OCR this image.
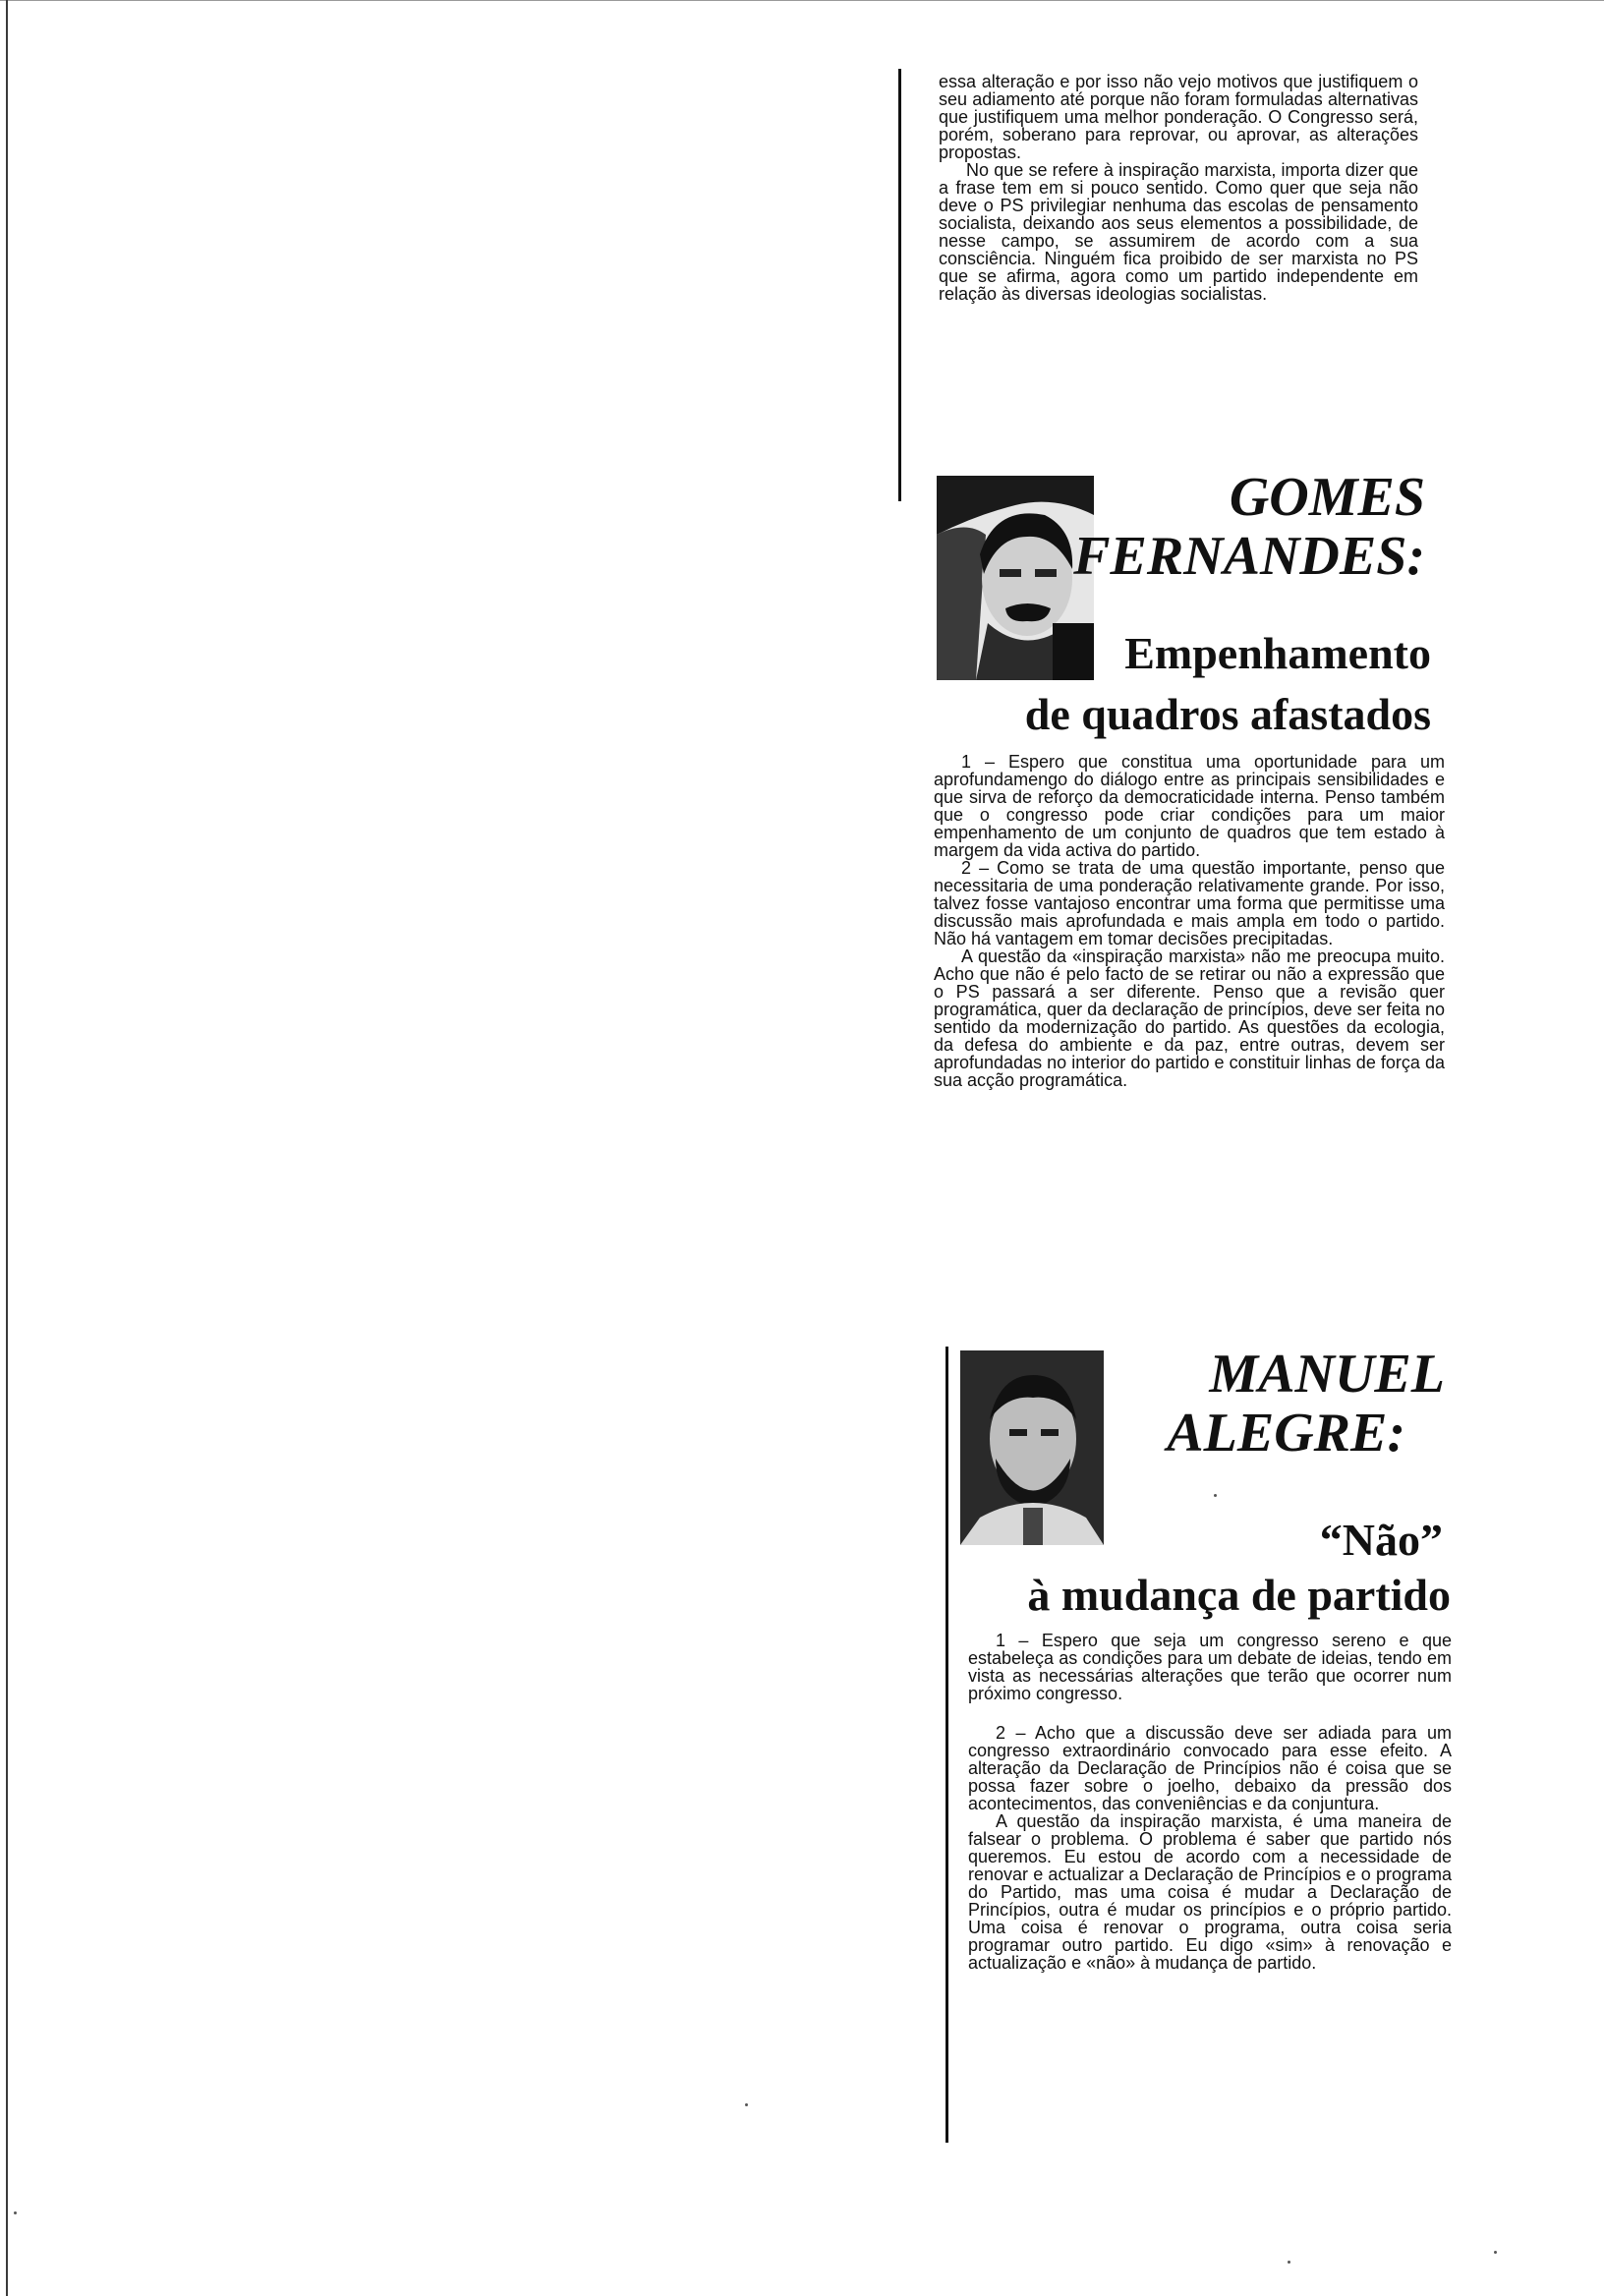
essa alteração e por isso não vejo motivos que justifiquem o seu adiamento até porque não foram formuladas alternativas que justifiquem uma melhor ponderação. O Congresso será, porém, soberano para reprovar, ou aprovar, as alterações propostas.

No que se refere à inspiração marxista, importa dizer que a frase tem em si pouco sentido. Como quer que seja não deve o PS privilegiar nenhuma das escolas de pensamento socialista, deixando aos seus elementos a possibilidade, de nesse campo, se assumirem de acordo com a sua consciência. Ninguém fica proibido de ser marxista no PS que se afirma, agora como um partido independente em relação às diversas ideologias socialistas.

GOMES
FERNANDES:
Empenhamento
de quadros afastados

1 – Espero que constitua uma oportunidade para um aprofundamengo do diálogo entre as principais sensibilidades e que sirva de reforço da democraticidade interna. Penso também que o congresso pode criar condições para um maior empenhamento de um conjunto de quadros que tem estado à margem da vida activa do partido.

2 – Como se trata de uma questão importante, penso que necessitaria de uma ponderação relativamente grande. Por isso, talvez fosse vantajoso encontrar uma forma que permitisse uma discussão mais aprofundada e mais ampla em todo o partido. Não há vantagem em tomar decisões precipitadas.

A questão da «inspiração marxista» não me preocupa muito. Acho que não é pelo facto de se retirar ou não a expressão que o PS passará a ser diferente. Penso que a revisão quer programática, quer da declaração de princípios, deve ser feita no sentido da modernização do partido. As questões da ecologia, da defesa do ambiente e da paz, entre outras, devem ser aprofundadas no interior do partido e constituir linhas de força da sua acção programática.

MANUEL
ALEGRE:
“Não”
à mudança de partido

1 – Espero que seja um congresso sereno e que estabeleça as condições para um debate de ideias, tendo em vista as necessárias alterações que terão que ocorrer num próximo congresso.

2 – Acho que a discussão deve ser adiada para um congresso extraordinário convocado para esse efeito. A alteração da Declaração de Princípios não é coisa que se possa fazer sobre o joelho, debaixo da pressão dos acontecimentos, das conveniências e da conjuntura.

A questão da inspiração marxista, é uma maneira de falsear o problema. O problema é saber que partido nós queremos. Eu estou de acordo com a necessidade de renovar e actualizar a Declaração de Princípios e o programa do Partido, mas uma coisa é mudar a Declaração de Princípios, outra é mudar os princípios e o próprio partido. Uma coisa é renovar o programa, outra coisa seria programar outro partido. Eu digo «sim» à renovação e actualização e «não» à mudança de partido.
